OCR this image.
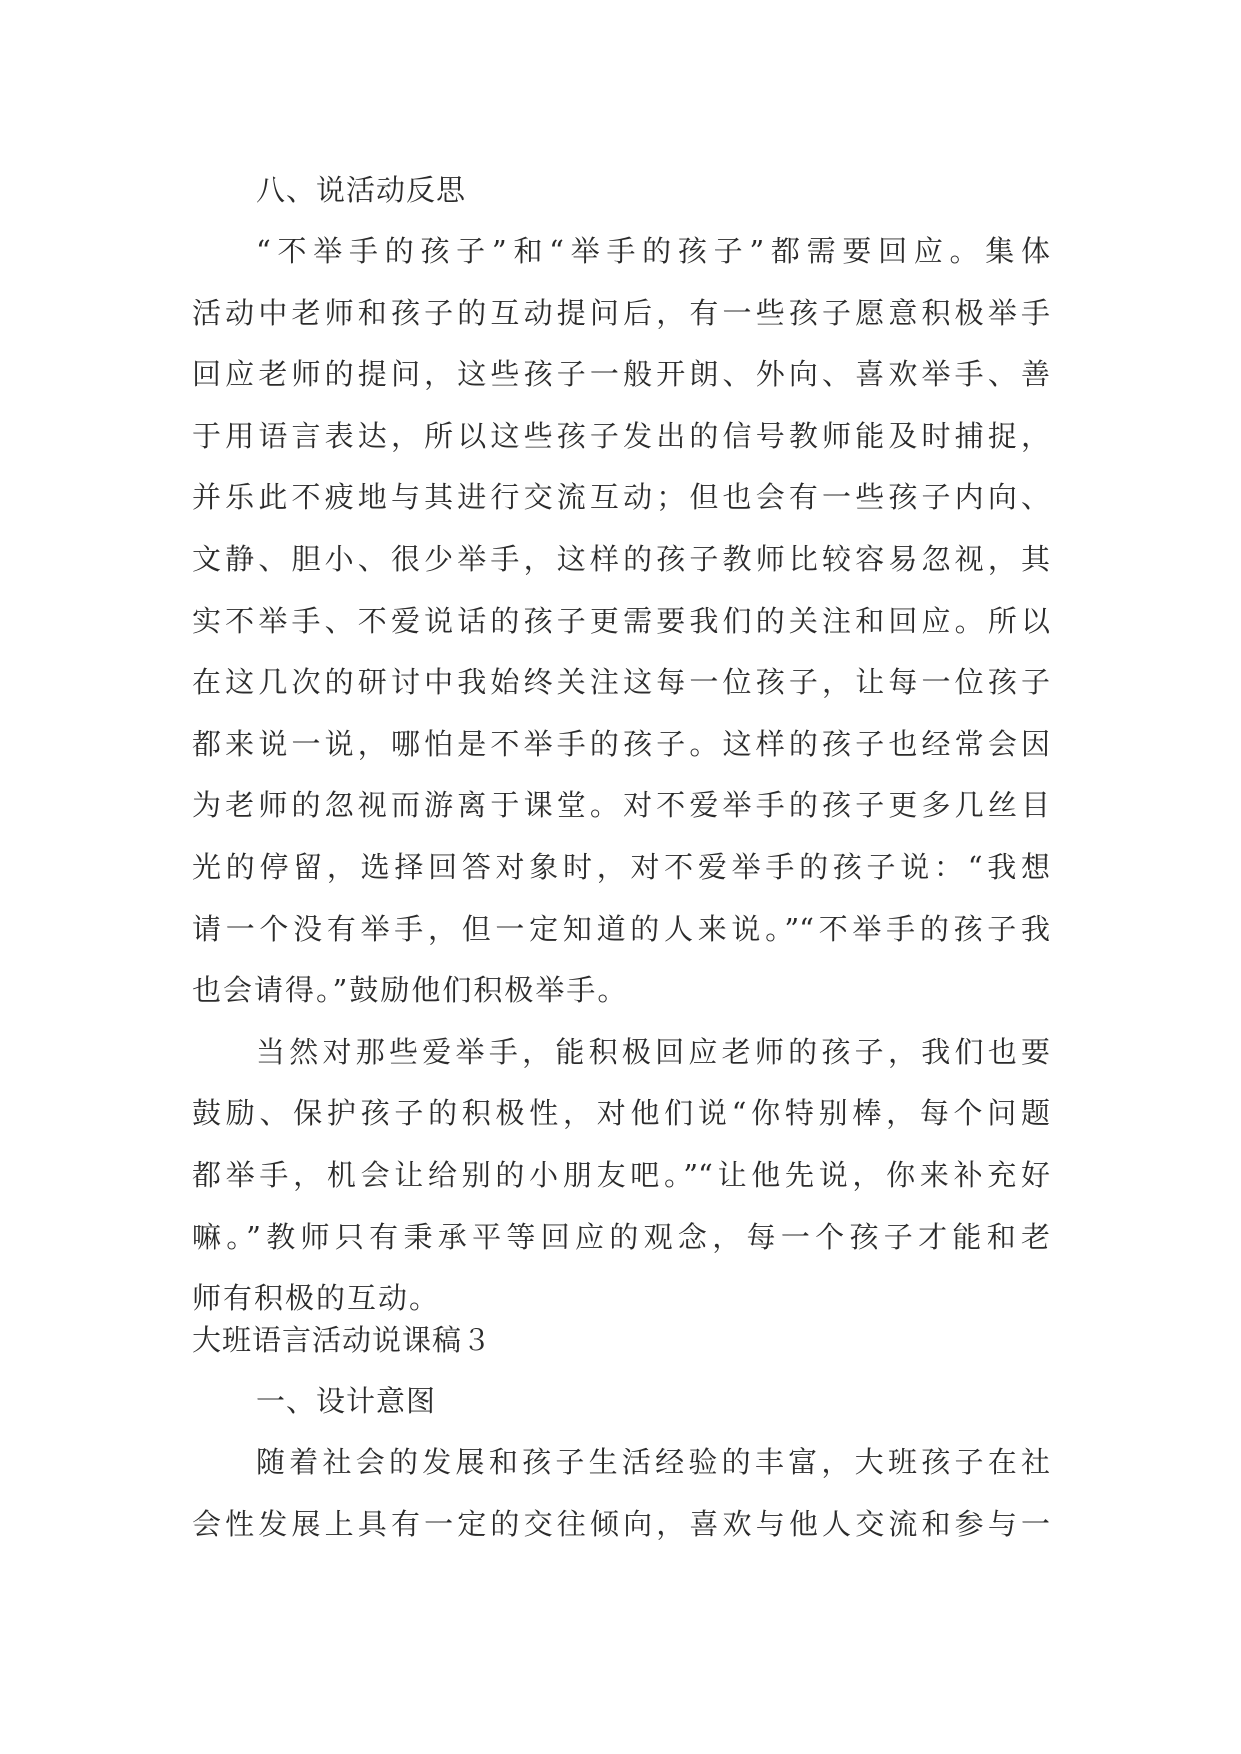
八、说活动反思
“不举手的孩子”和“举手的孩子”都需要回应。集体
活动中老师和孩子的互动提问后，有一些孩子愿意积极举手
回应老师的提问，这些孩子一般开朗、外向、喜欢举手、善
于用语言表达，所以这些孩子发出的信号教师能及时捕捉，
并乐此不疲地与其进行交流互动；但也会有一些孩子内向、
文静、胆小、很少举手，这样的孩子教师比较容易忽视，其
实不举手、不爱说话的孩子更需要我们的关注和回应。所以
在这几次的研讨中我始终关注这每一位孩子，让每一位孩子
都来说一说，哪怕是不举手的孩子。这样的孩子也经常会因
为老师的忽视而游离于课堂。对不爱举手的孩子更多几丝目
光的停留，选择回答对象时，对不爱举手的孩子说：“我想
请一个没有举手，但一定知道的人来说。”“不举手的孩子我
也会请得。”鼓励他们积极举手。
当然对那些爱举手，能积极回应老师的孩子，我们也要
鼓励、保护孩子的积极性，对他们说“你特别棒，每个问题
都举手，机会让给别的小朋友吧。”“让他先说，你来补充好
嘛。”教师只有秉承平等回应的观念，每一个孩子才能和老
师有积极的互动。
大班语言活动说课稿３
一、设计意图
随着社会的发展和孩子生活经验的丰富，大班孩子在社
会性发展上具有一定的交往倾向，喜欢与他人交流和参与一
